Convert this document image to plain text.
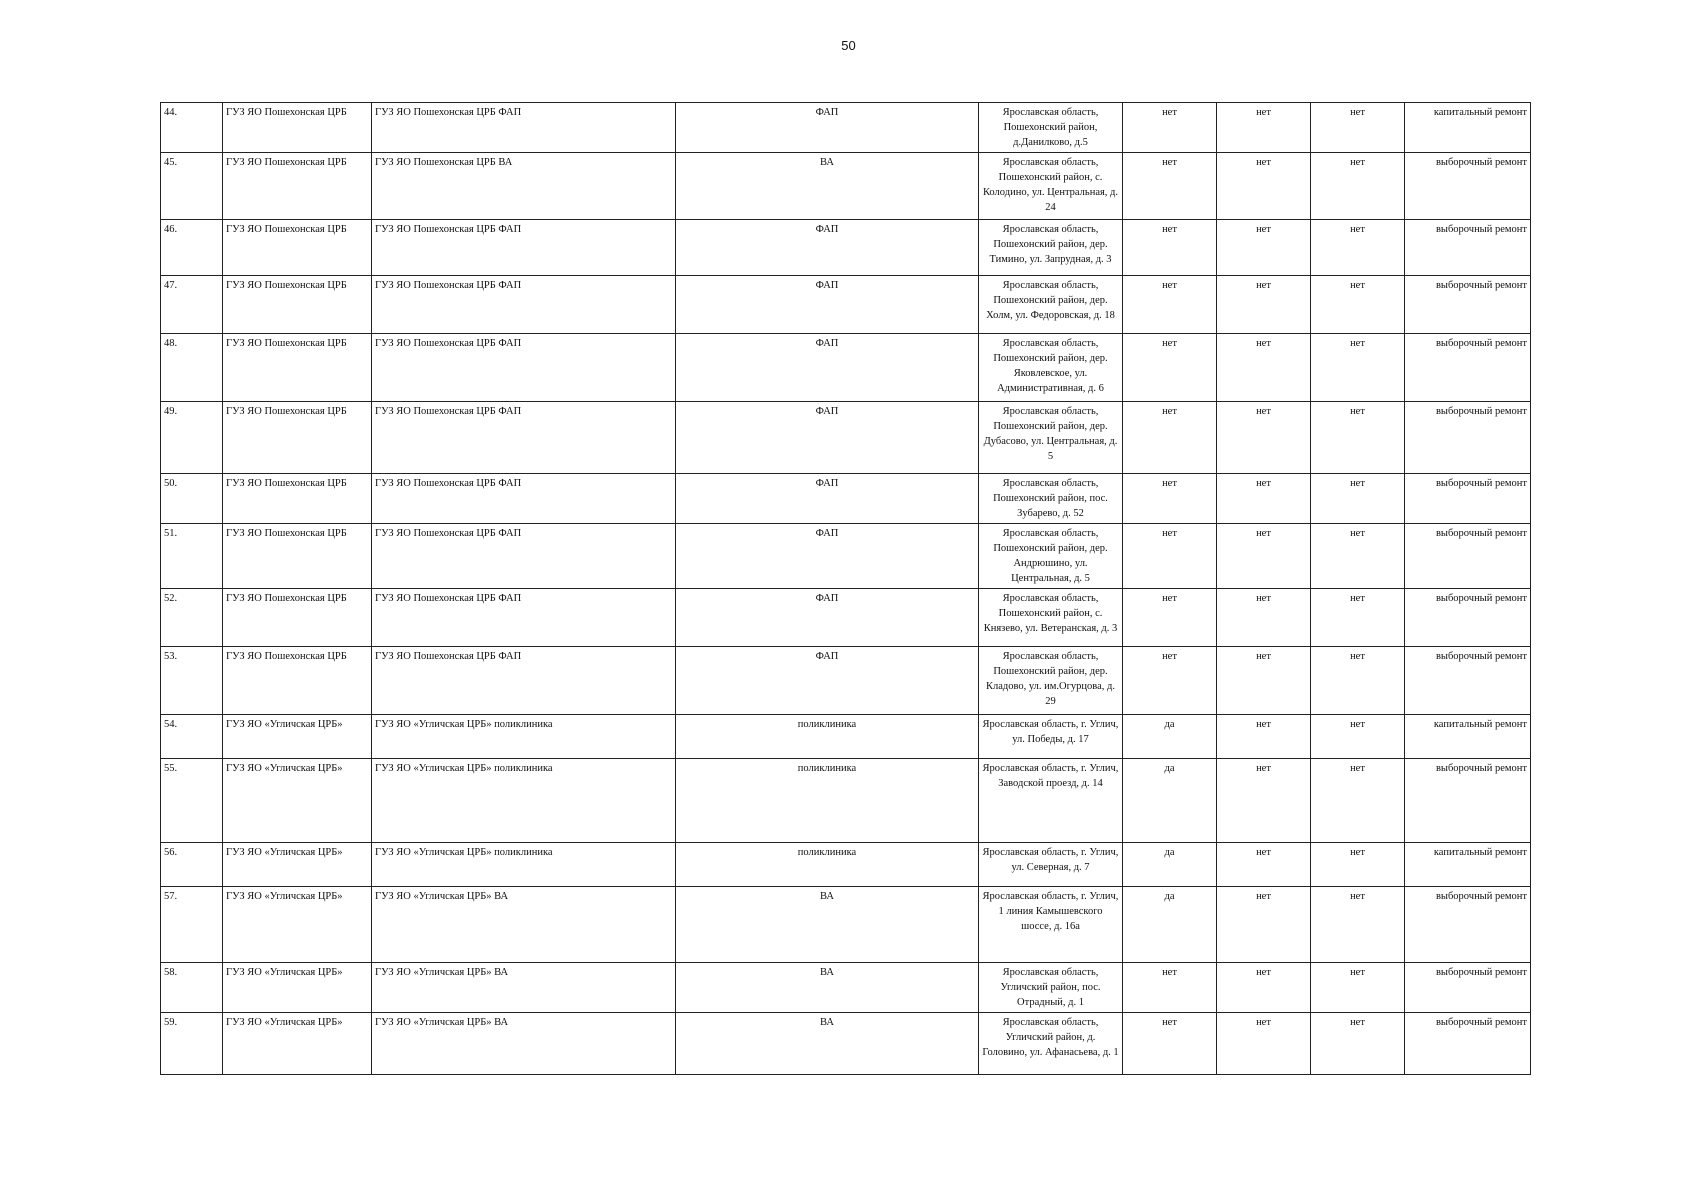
50
44.	ГУЗ ЯО Пошехонская ЦРБ	ГУЗ ЯО Пошехонская ЦРБ ФАП	ФАП	Ярославская область, Пошехонский район, д.Данилково, д.5	нет	нет	нет	капитальный ремонт
45.	ГУЗ ЯО Пошехонская ЦРБ	ГУЗ ЯО Пошехонская ЦРБ ВА	ВА	Ярославская область, Пошехонский район, с. Колодино, ул. Центральная, д. 24	нет	нет	нет	выборочный ремонт
46.	ГУЗ ЯО Пошехонская ЦРБ	ГУЗ ЯО Пошехонская ЦРБ ФАП	ФАП	Ярославская область, Пошехонский район, дер. Тимино, ул. Запрудная, д. 3	нет	нет	нет	выборочный ремонт
47.	ГУЗ ЯО Пошехонская ЦРБ	ГУЗ ЯО Пошехонская ЦРБ ФАП	ФАП	Ярославская область, Пошехонский район, дер. Холм, ул. Федоровская, д. 18	нет	нет	нет	выборочный ремонт
48.	ГУЗ ЯО Пошехонская ЦРБ	ГУЗ ЯО Пошехонская ЦРБ ФАП	ФАП	Ярославская область, Пошехонский район, дер. Яковлевское, ул. Административная, д. 6	нет	нет	нет	выборочный ремонт
49.	ГУЗ ЯО Пошехонская ЦРБ	ГУЗ ЯО Пошехонская ЦРБ ФАП	ФАП	Ярославская область, Пошехонский район, дер. Дубасово, ул. Центральная, д. 5	нет	нет	нет	выборочный ремонт
50.	ГУЗ ЯО Пошехонская ЦРБ	ГУЗ ЯО Пошехонская ЦРБ ФАП	ФАП	Ярославская область, Пошехонский район, пос. Зубарево, д. 52	нет	нет	нет	выборочный ремонт
51.	ГУЗ ЯО Пошехонская ЦРБ	ГУЗ ЯО Пошехонская ЦРБ ФАП	ФАП	Ярославская область, Пошехонский район, дер. Андрюшино, ул. Центральная, д. 5	нет	нет	нет	выборочный ремонт
52.	ГУЗ ЯО Пошехонская ЦРБ	ГУЗ ЯО Пошехонская ЦРБ ФАП	ФАП	Ярославская область, Пошехонский район, с. Князево, ул. Ветеранская, д. 3	нет	нет	нет	выборочный ремонт
53.	ГУЗ ЯО Пошехонская ЦРБ	ГУЗ ЯО Пошехонская ЦРБ ФАП	ФАП	Ярославская область, Пошехонский район, дер. Кладово, ул. им.Огурцова, д. 29	нет	нет	нет	выборочный ремонт
54.	ГУЗ ЯО «Угличская ЦРБ»	ГУЗ ЯО «Угличская ЦРБ» поликлиника	поликлиника	Ярославская область, г. Углич, ул. Победы, д. 17	да	нет	нет	капитальный ремонт
55.	ГУЗ ЯО «Угличская ЦРБ»	ГУЗ ЯО «Угличская ЦРБ» поликлиника	поликлиника	Ярославская область, г. Углич, Заводской проезд, д. 14	да	нет	нет	выборочный ремонт
56.	ГУЗ ЯО «Угличская ЦРБ»	ГУЗ ЯО «Угличская ЦРБ» поликлиника	поликлиника	Ярославская область, г. Углич, ул. Северная, д. 7	да	нет	нет	капитальный ремонт
57.	ГУЗ ЯО «Угличская ЦРБ»	ГУЗ ЯО «Угличская ЦРБ» ВА	ВА	Ярославская область, г. Углич, 1 линия Камышевского шоссе, д. 16а	да	нет	нет	выборочный ремонт
58.	ГУЗ ЯО «Угличская ЦРБ»	ГУЗ ЯО «Угличская ЦРБ» ВА	ВА	Ярославская область, Угличский район, пос. Отрадный, д. 1	нет	нет	нет	выборочный ремонт
59.	ГУЗ ЯО «Угличская ЦРБ»	ГУЗ ЯО «Угличская ЦРБ» ВА	ВА	Ярославская область, Угличский район, д. Головино, ул. Афанасьева, д. 1	нет	нет	нет	выборочный ремонт
